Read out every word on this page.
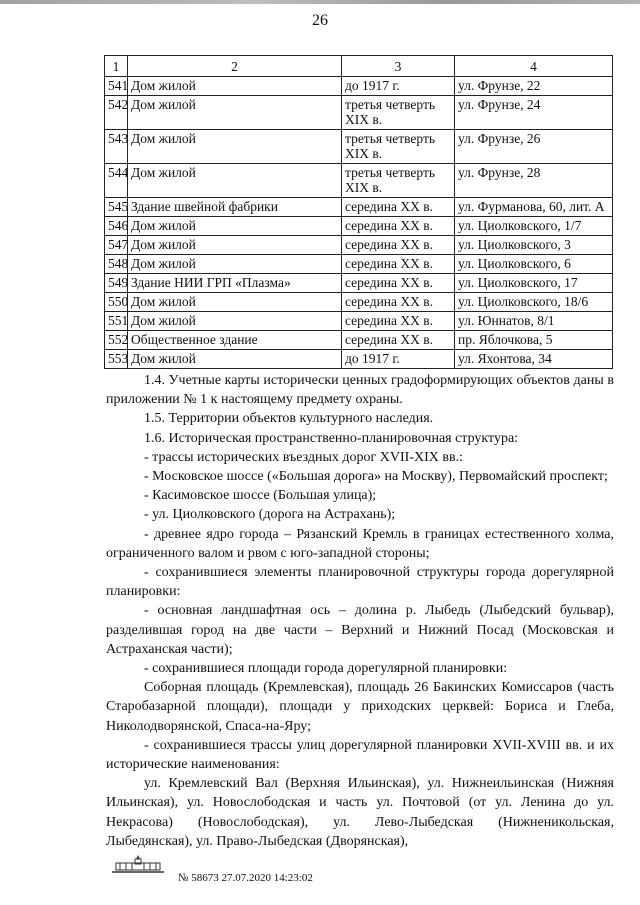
26
1	2	3	4
541	Дом жилой	до 1917 г.	ул. Фрунзе, 22
542	Дом жилой	третья четверть XIX в.	ул. Фрунзе, 24
543	Дом жилой	третья четверть XIX в.	ул. Фрунзе, 26
544	Дом жилой	третья четверть XIX в.	ул. Фрунзе, 28
545	Здание швейной фабрики	середина XX в.	ул. Фурманова, 60, лит. А
546	Дом жилой	середина XX в.	ул. Циолковского, 1/7
547	Дом жилой	середина XX в.	ул. Циолковского, 3
548	Дом жилой	середина XX в.	ул. Циолковского, 6
549	Здание НИИ ГРП «Плазма»	середина XX в.	ул. Циолковского, 17
550	Дом жилой	середина XX в.	ул. Циолковского, 18/6
551	Дом жилой	середина XX в.	ул. Юннатов, 8/1
552	Общественное здание	середина XX в.	пр. Яблочкова, 5
553	Дом жилой	до 1917 г.	ул. Яхонтова, 34

1.4. Учетные карты исторически ценных градоформирующих объектов даны в приложении № 1 к настоящему предмету охраны.

1.5. Территории объектов культурного наследия.

1.6. Историческая пространственно-планировочная структура:

- трассы исторических въездных дорог XVII-XIX вв.:

- Московское шоссе («Большая дорога» на Москву), Первомайский проспект;

- Касимовское шоссе (Большая улица);

- ул. Циолковского (дорога на Астрахань);

- древнее ядро города – Рязанский Кремль в границах естественного холма, ограниченного валом и рвом с юго-западной стороны;

- сохранившиеся элементы планировочной структуры города дорегулярной планировки:

- основная ландшафтная ось – долина р. Лыбедь (Лыбедский бульвар), разделившая город на две части – Верхний и Нижний Посад (Московская и Астраханская части);

- сохранившиеся площади города дорегулярной планировки:

Соборная площадь (Кремлевская), площадь 26 Бакинских Комиссаров (часть Старобазарной площади), площади у приходских церквей: Бориса и Глеба, Николодворянской, Спаса-на-Яру;

- сохранившиеся трассы улиц дорегулярной планировки XVII-XVIII вв. и их исторические наименования:

ул. Кремлевский Вал (Верхняя Ильинская), ул. Нижнеильинская (Нижняя Ильинская), ул. Новослободская и часть ул. Почтовой (от ул. Ленина до ул. Некрасова) (Новослободская), ул. Лево-Лыбедская (Нижненикольская, Лыбедянская), ул. Право-Лыбедская (Дворянская),

№ 58673 27.07.2020 14:23:02
